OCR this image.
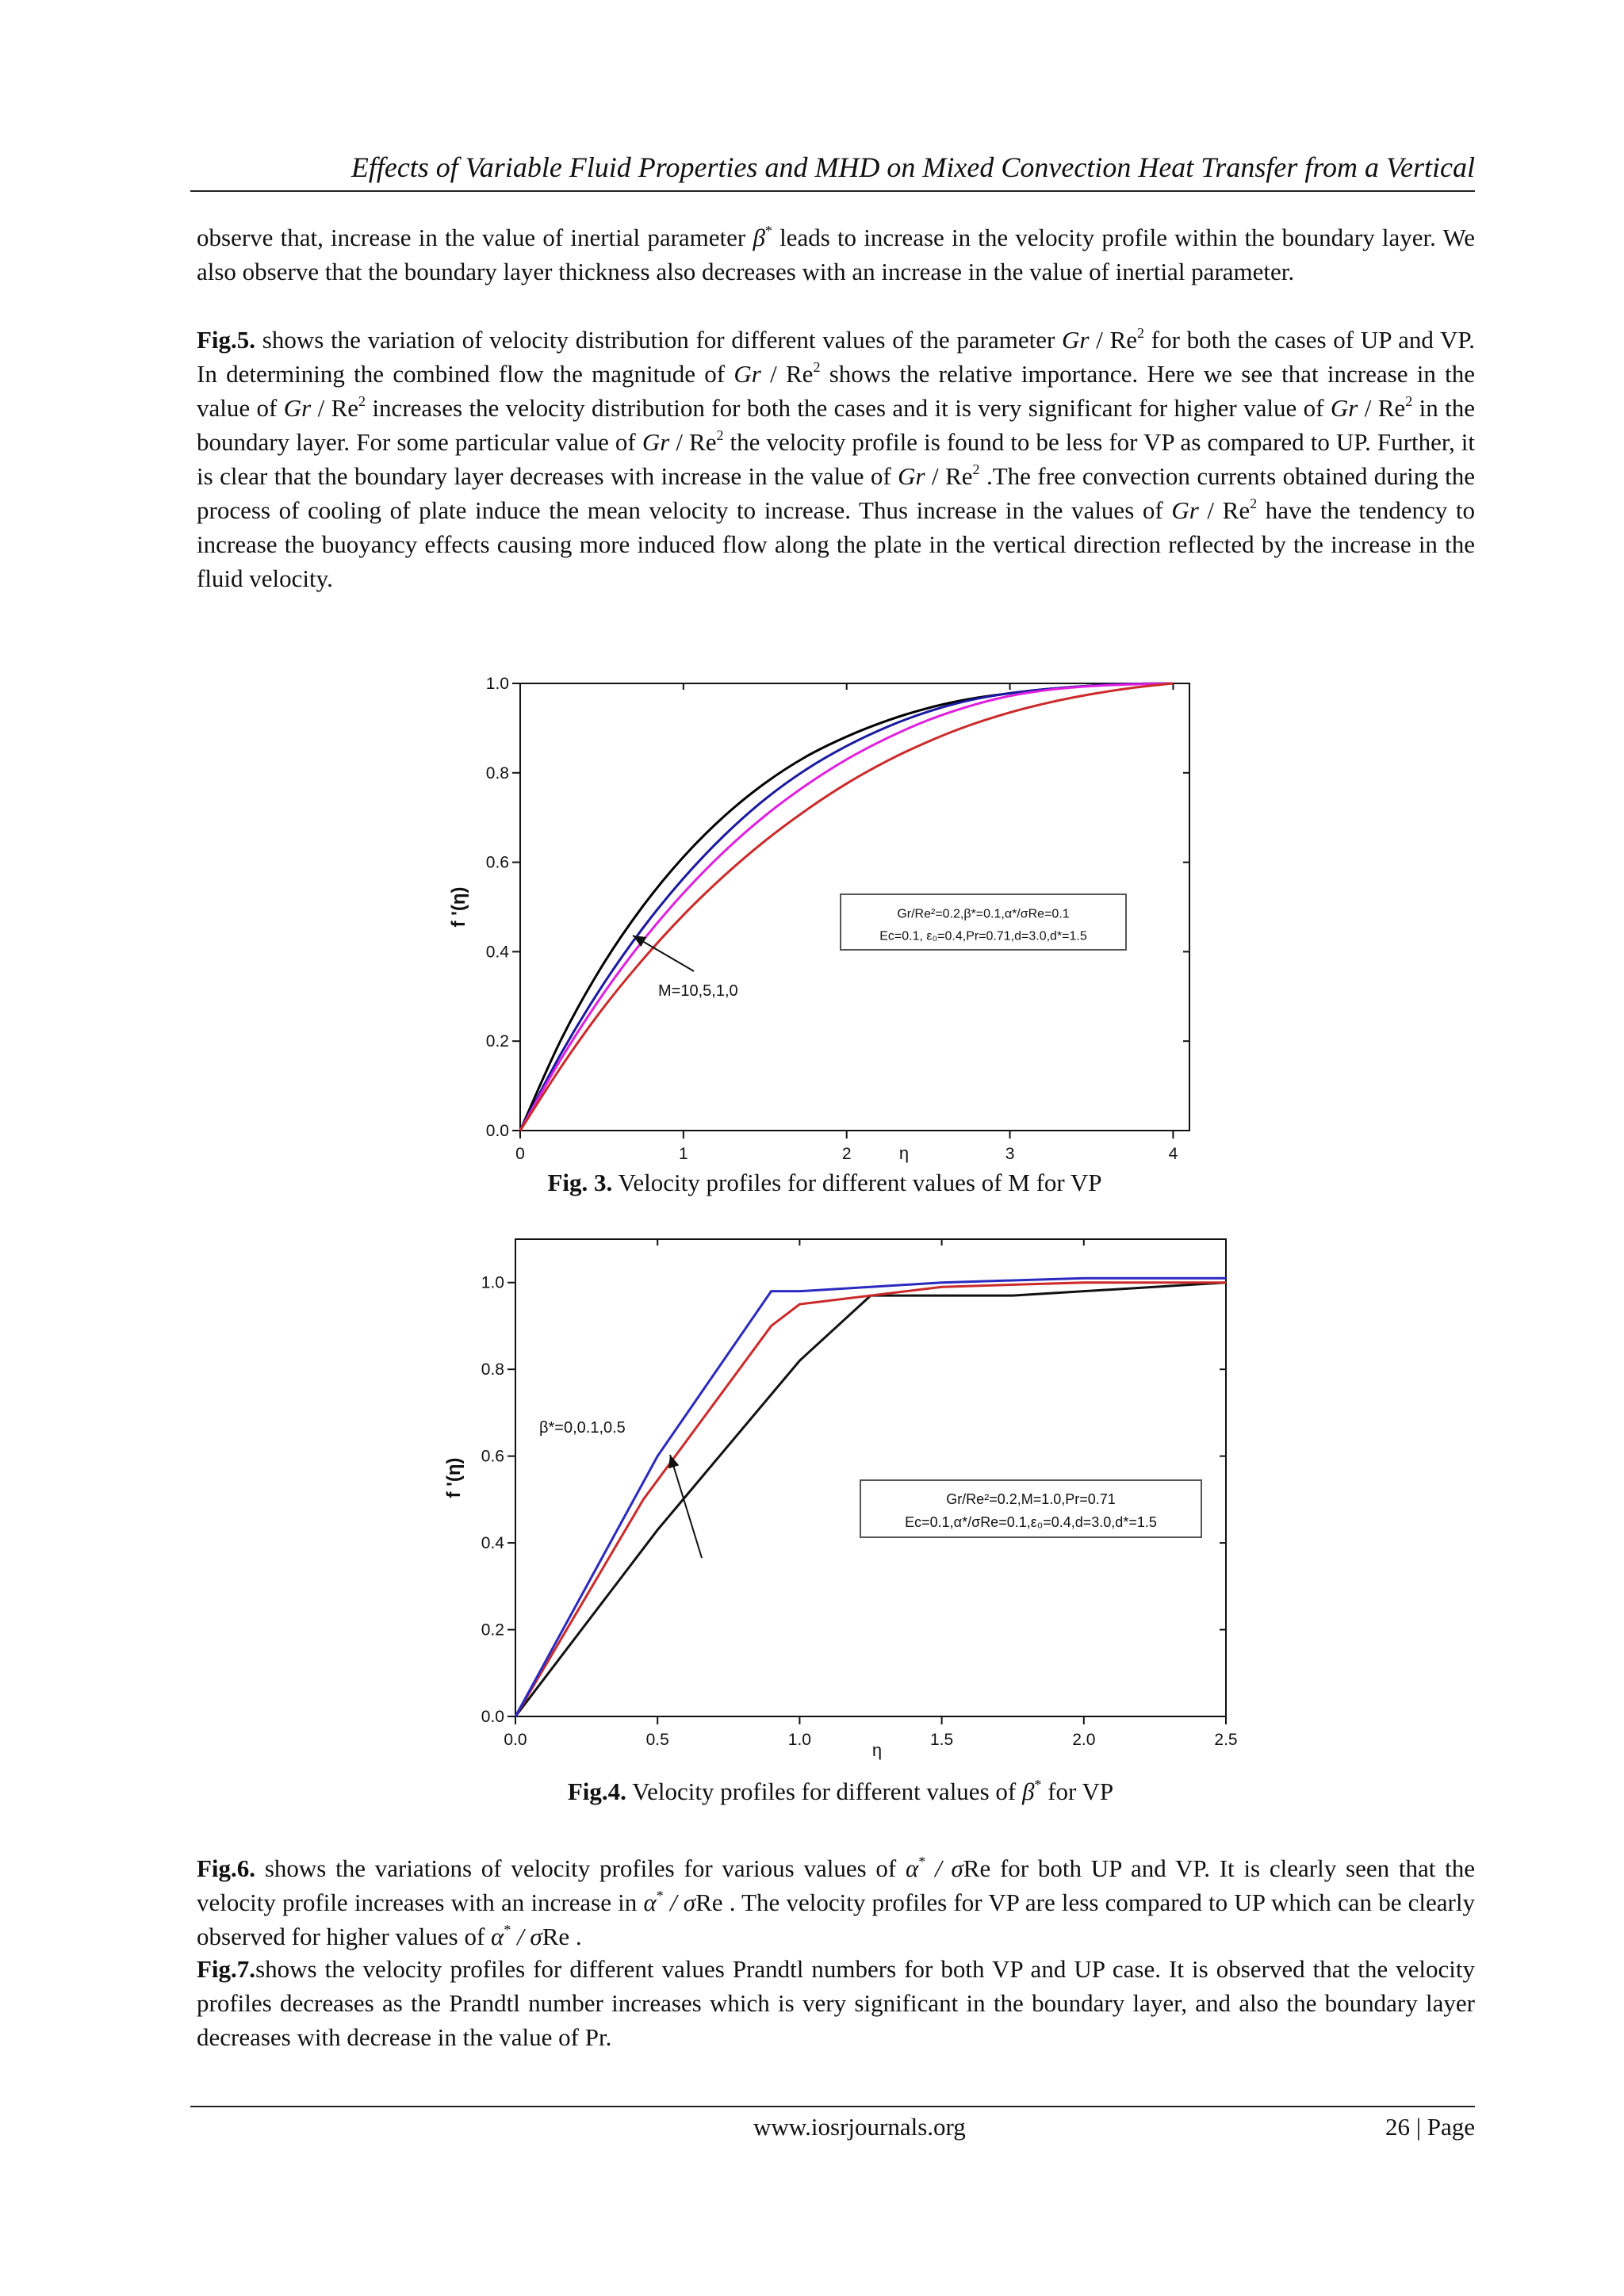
Effects of Variable Fluid Properties and MHD on Mixed Convection Heat Transfer from a Vertical

observe that, increase in the value of inertial parameter β* leads to increase in the velocity profile within the boundary layer. We also observe that the boundary layer thickness also decreases with an increase in the value of inertial parameter.

Fig.5. shows the variation of velocity distribution for different values of the parameter Gr / Re$^2$ for both the cases of UP and VP. In determining the combined flow the magnitude of Gr / Re$^2$ shows the relative importance. Here we see that increase in the value of Gr / Re$^2$ increases the velocity distribution for both the cases and it is very significant for higher value of Gr / Re$^2$ in the boundary layer. For some particular value of Gr / Re$^2$ the velocity profile is found to be less for VP as compared to UP. Further, it is clear that the boundary layer decreases with increase in the value of Gr / Re$^2$ .The free convection currents obtained during the process of cooling of plate induce the mean velocity to increase. Thus increase in the values of Gr / Re$^2$ have the tendency to increase the buoyancy effects causing more induced flow along the plate in the vertical direction reflected by the increase in the fluid velocity.

0.0
0.2
0.4
0.6
0.8
1.0
0	1	2	3	4
η
f '(η)	Gr/Re²=0.2,β*=0.1,α*/σRe=0.1
Ec=0.1, ε₀=0.4,Pr=0.71,d=3.0,d*=1.5
M=10,5,1,0
Fig. 3. Velocity profiles for different values of M for VP
0.0
0.2
0.4
0.6
0.8
1.0
0.0	0.5	1.0	1.5	2.0	2.5
η
f '(η)
Gr/Re²=0.2,M=1.0,Pr=0.71
Ec=0.1,α*/σRe=0.1,ε₀=0.4,d=3.0,d*=1.5
β*=0,0.1,0.5
Fig.4. Velocity profiles for different values of β* for VP

Fig.6. shows the variations of velocity profiles for various values of α* / σRe for both UP and VP. It is clearly seen that the velocity profile increases with an increase in α* / σRe . The velocity profiles for VP are less compared to UP which can be clearly observed for higher values of α* / σRe .

Fig.7.shows the velocity profiles for different values Prandtl numbers for both VP and UP case. It is observed that the velocity profiles decreases as the Prandtl number increases which is very significant in the boundary layer, and also the boundary layer decreases with decrease in the value of Pr.

www.iosrjournals.org	26 | Page
